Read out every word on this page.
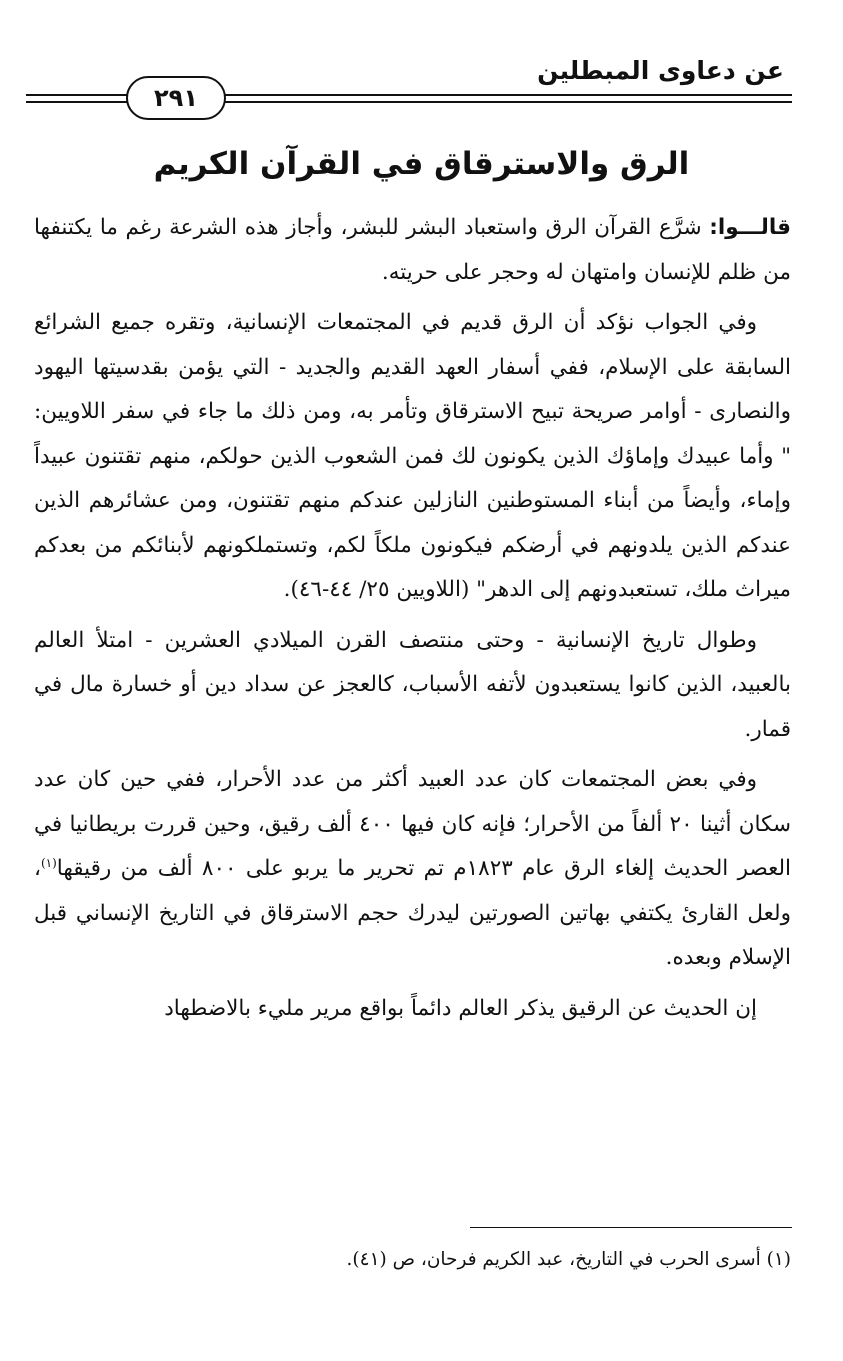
عن دعاوى المبطلين
٢٩١
الرق والاسترقاق في القرآن الكريم

قالـــوا: شرَّع القرآن الرق واستعباد البشر للبشر، وأجاز هذه الشرعة رغم ما يكتنفها من ظلم للإنسان وامتهان له وحجر على حريته.

وفي الجواب نؤكد أن الرق قديم في المجتمعات الإنسانية، وتقره جميع الشرائع السابقة على الإسلام، ففي أسفار العهد القديم والجديد - التي يؤمن بقدسيتها اليهود والنصارى - أوامر صريحة تبيح الاسترقاق وتأمر به، ومن ذلك ما جاء في سفر اللاويين: " وأما عبيدك وإماؤك الذين يكونون لك فمن الشعوب الذين حولكم، منهم تقتنون عبيداً وإماء، وأيضاً من أبناء المستوطنين النازلين عندكم منهم تقتنون، ومن عشائرهم الذين عندكم الذين يلدونهم في أرضكم فيكونون ملكاً لكم، وتستملكونهم لأبنائكم من بعدكم ميراث ملك، تستعبدونهم إلى الدهر" (اللاويين ٢٥/ ٤٤-٤٦).

وطوال تاريخ الإنسانية - وحتى منتصف القرن الميلادي العشرين - امتلأ العالم بالعبيد، الذين كانوا يستعبدون لأتفه الأسباب، كالعجز عن سداد دين أو خسارة مال في قمار.

وفي بعض المجتمعات كان عدد العبيد أكثر من عدد الأحرار، ففي حين كان عدد سكان أثينا ٢٠ ألفاً من الأحرار؛ فإنه كان فيها ٤٠٠ ألف رقيق، وحين قررت بريطانيا في العصر الحديث إلغاء الرق عام ١٨٢٣م تم تحرير ما يربو على ٨٠٠ ألف من رقيقها$^{(١)}$، ولعل القارئ يكتفي بهاتين الصورتين ليدرك حجم الاسترقاق في التاريخ الإنساني قبل الإسلام وبعده.

إن الحديث عن الرقيق يذكر العالم دائماً بواقع مرير مليء بالاضطهاد

(١) أسرى الحرب في التاريخ، عبد الكريم فرحان، ص (٤١).
